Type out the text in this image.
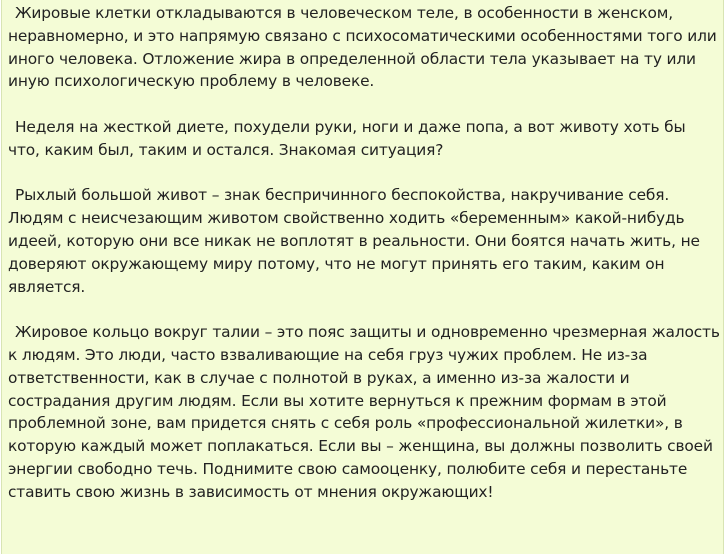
Жировые клетки откладываются в человеческом теле, в особенности в женском, неравномерно, и это напрямую связано с психосоматическими особенностями того или иного человека. Отложение жира в определенной области тела указывает на ту или иную психологическую проблему в человеке.

Неделя на жесткой диете, похудели руки, ноги и даже попа, а вот животу хоть бы что, каким был, таким и остался. Знакомая ситуация?

Рыхлый большой живот – знак беспричинного беспокойства, накручивание себя. Людям с неисчезающим животом свойственно ходить «беременным» какой-нибудь идеей, которую они все никак не воплотят в реальности. Они боятся начать жить, не доверяют окружающему миру потому, что не могут принять его таким, каким он является.

Жировое кольцо вокруг талии – это пояс защиты и одновременно чрезмерная жалость к людям. Это люди, часто взваливающие на себя груз чужих проблем. Не из-за ответственности, как в случае с полнотой в руках, а именно из-за жалости и сострадания другим людям. Если вы хотите вернуться к прежним формам в этой проблемной зоне, вам придется снять с себя роль «профессиональной жилетки», в которую каждый может поплакаться. Если вы – женщина, вы должны позволить своей энергии свободно течь. Поднимите свою самооценку, полюбите себя и перестаньте ставить свою жизнь в зависимость от мнения окружающих!
